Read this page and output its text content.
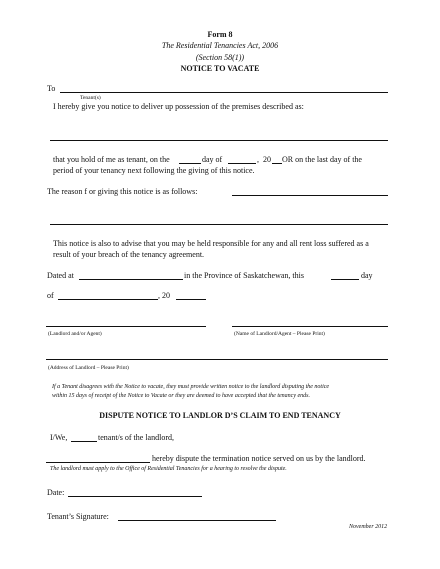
Form 8
The Residential Tenancies Act, 2006
(Section 58(1))
NOTICE TO VACATE
To
Tenant(s)
I hereby give you notice to deliver up possession of the premises described as:
that you hold of me as tenant, on the	day of	, 20 OR on the last day of the
period of your tenancy next following the giving of this notice.
The reason f or giving this notice is as follows:
This notice is also to advise that you may be held responsible for any and all rent loss suffered as a
result of your breach of the tenancy agreement.
Dated at	in the Province of Saskatchewan, this	day
of	, 20
(Landlord and/or Agent)	(Name of Landlord/Agent – Please Print)
(Address of Landlord – Please Print)
If a Tenant disagrees with the Notice to vacate, they must provide written notice to the landlord disputing the notice
within 15 days of receipt of the Notice to Vacate or they are deemed to have accepted that the tenancy ends.
DISPUTE NOTICE TO LANDLOR D’S CLAIM TO END TENANCY
I/We,	tenant/s of the landlord,
hereby dispute the termination notice served on us by the landlord.
The landlord must apply to the Office of Residential Tenancies for a hearing to resolve the dispute.
Date:
Tenant’s Signature:
November 2012
